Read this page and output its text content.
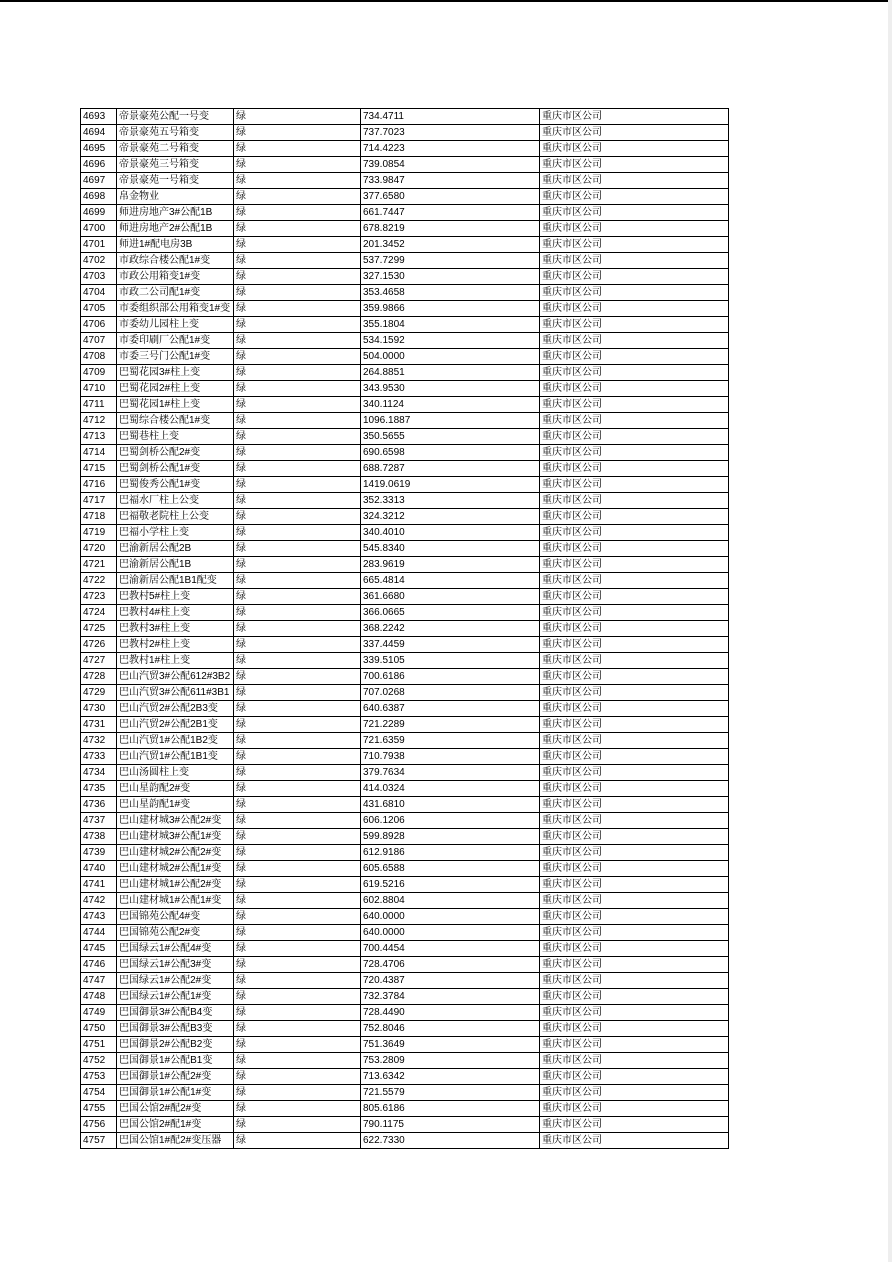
4693	帝景豪苑公配一号变	绿	734.4711	重庆市区公司
4694	帝景豪苑五号箱变	绿	737.7023	重庆市区公司
4695	帝景豪苑二号箱变	绿	714.4223	重庆市区公司
4696	帝景豪苑三号箱变	绿	739.0854	重庆市区公司
4697	帝景豪苑一号箱变	绿	733.9847	重庆市区公司
4698	帛金物业	绿	377.6580	重庆市区公司
4699	师进房地产3#公配1B	绿	661.7447	重庆市区公司
4700	师进房地产2#公配1B	绿	678.8219	重庆市区公司
4701	师进1#配电房3B	绿	201.3452	重庆市区公司
4702	市政综合楼公配1#变	绿	537.7299	重庆市区公司
4703	市政公用箱变1#变	绿	327.1530	重庆市区公司
4704	市政二公司配1#变	绿	353.4658	重庆市区公司
4705	市委组织部公用箱变1#变	绿	359.9866	重庆市区公司
4706	市委幼儿园柱上变	绿	355.1804	重庆市区公司
4707	市委印刷厂公配1#变	绿	534.1592	重庆市区公司
4708	市委三号门公配1#变	绿	504.0000	重庆市区公司
4709	巴蜀花园3#柱上变	绿	264.8851	重庆市区公司
4710	巴蜀花园2#柱上变	绿	343.9530	重庆市区公司
4711	巴蜀花园1#柱上变	绿	340.1124	重庆市区公司
4712	巴蜀综合楼公配1#变	绿	1096.1887	重庆市区公司
4713	巴蜀巷柱上变	绿	350.5655	重庆市区公司
4714	巴蜀剑桥公配2#变	绿	690.6598	重庆市区公司
4715	巴蜀剑桥公配1#变	绿	688.7287	重庆市区公司
4716	巴蜀俊秀公配1#变	绿	1419.0619	重庆市区公司
4717	巴福水厂柱上公变	绿	352.3313	重庆市区公司
4718	巴福敬老院柱上公变	绿	324.3212	重庆市区公司
4719	巴福小学柱上变	绿	340.4010	重庆市区公司
4720	巴渝新居公配2B	绿	545.8340	重庆市区公司
4721	巴渝新居公配1B	绿	283.9619	重庆市区公司
4722	巴渝新居公配1B1配变	绿	665.4814	重庆市区公司
4723	巴教村5#柱上变	绿	361.6680	重庆市区公司
4724	巴教村4#柱上变	绿	366.0665	重庆市区公司
4725	巴教村3#柱上变	绿	368.2242	重庆市区公司
4726	巴教村2#柱上变	绿	337.4459	重庆市区公司
4727	巴教村1#柱上变	绿	339.5105	重庆市区公司
4728	巴山汽贸3#公配612#3B2	绿	700.6186	重庆市区公司
4729	巴山汽贸3#公配611#3B1	绿	707.0268	重庆市区公司
4730	巴山汽贸2#公配2B3变	绿	640.6387	重庆市区公司
4731	巴山汽贸2#公配2B1变	绿	721.2289	重庆市区公司
4732	巴山汽贸1#公配1B2变	绿	721.6359	重庆市区公司
4733	巴山汽贸1#公配1B1变	绿	710.7938	重庆市区公司
4734	巴山汤圆柱上变	绿	379.7634	重庆市区公司
4735	巴山星韵配2#变	绿	414.0324	重庆市区公司
4736	巴山星韵配1#变	绿	431.6810	重庆市区公司
4737	巴山建材城3#公配2#变	绿	606.1206	重庆市区公司
4738	巴山建材城3#公配1#变	绿	599.8928	重庆市区公司
4739	巴山建材城2#公配2#变	绿	612.9186	重庆市区公司
4740	巴山建材城2#公配1#变	绿	605.6588	重庆市区公司
4741	巴山建材城1#公配2#变	绿	619.5216	重庆市区公司
4742	巴山建材城1#公配1#变	绿	602.8804	重庆市区公司
4743	巴国锦苑公配4#变	绿	640.0000	重庆市区公司
4744	巴国锦苑公配2#变	绿	640.0000	重庆市区公司
4745	巴国绿云1#公配4#变	绿	700.4454	重庆市区公司
4746	巴国绿云1#公配3#变	绿	728.4706	重庆市区公司
4747	巴国绿云1#公配2#变	绿	720.4387	重庆市区公司
4748	巴国绿云1#公配1#变	绿	732.3784	重庆市区公司
4749	巴国御景3#公配B4变	绿	728.4490	重庆市区公司
4750	巴国御景3#公配B3变	绿	752.8046	重庆市区公司
4751	巴国御景2#公配B2变	绿	751.3649	重庆市区公司
4752	巴国御景1#公配B1变	绿	753.2809	重庆市区公司
4753	巴国御景1#公配2#变	绿	713.6342	重庆市区公司
4754	巴国御景1#公配1#变	绿	721.5579	重庆市区公司
4755	巴国公馆2#配2#变	绿	805.6186	重庆市区公司
4756	巴国公馆2#配1#变	绿	790.1175	重庆市区公司
4757	巴国公馆1#配2#变压器	绿	622.7330	重庆市区公司
